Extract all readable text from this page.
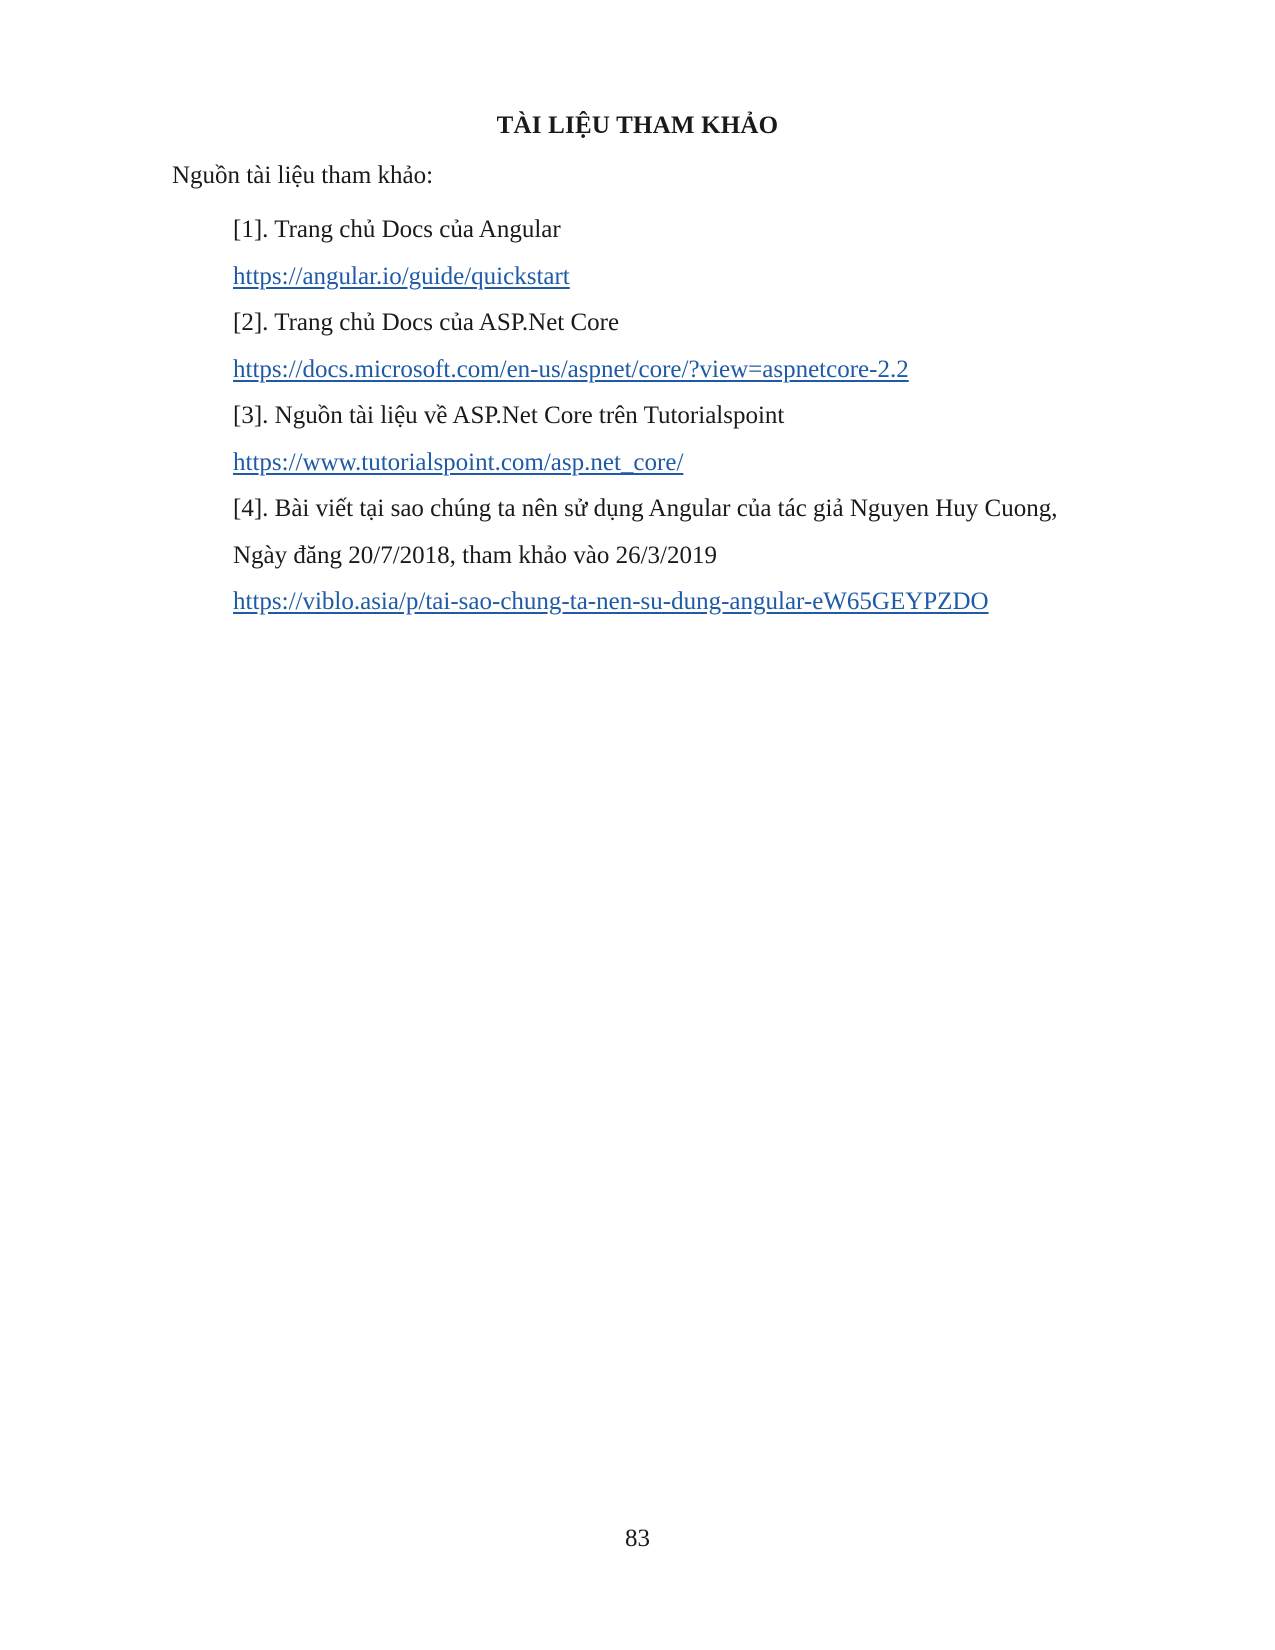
TÀI LIỆU THAM KHẢO

Nguồn tài liệu tham khảo:

[1]. Trang chủ Docs của Angular

https://angular.io/guide/quickstart

[2]. Trang chủ Docs của ASP.Net Core

https://docs.microsoft.com/en-us/aspnet/core/?view=aspnetcore-2.2

[3]. Nguồn tài liệu về ASP.Net Core trên Tutorialspoint

https://www.tutorialspoint.com/asp.net_core/

[4]. Bài viết tại sao chúng ta nên sử dụng Angular của tác giả Nguyen Huy Cuong,

Ngày đăng 20/7/2018, tham khảo vào 26/3/2019

https://viblo.asia/p/tai-sao-chung-ta-nen-su-dung-angular-eW65GEYPZDO

83
